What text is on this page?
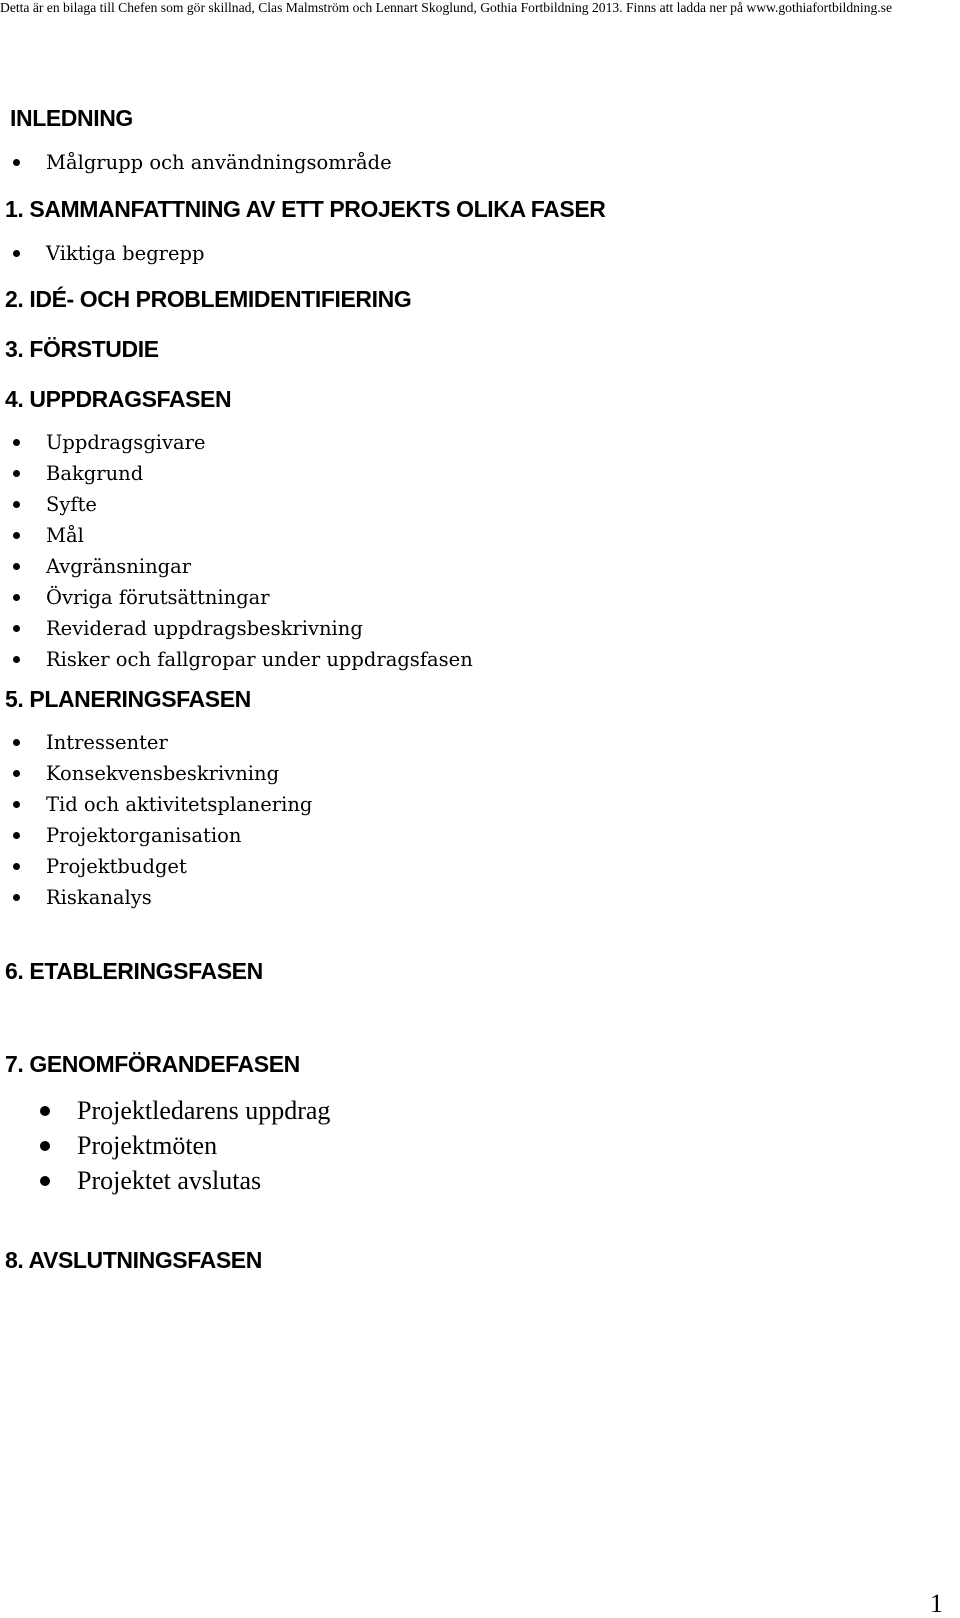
Detta är en bilaga till Chefen som gör skillnad, Clas Malmström och Lennart Skoglund, Gothia Fortbildning 2013. Finns att ladda ner på www.gothiafortbildning.se
INLEDNING
Målgrupp och användningsområde
1. SAMMANFATTNING AV ETT PROJEKTS OLIKA FASER
Viktiga begrepp
2. IDÉ- OCH PROBLEMIDENTIFIERING
3. FÖRSTUDIE
4. UPPDRAGSFASEN
Uppdragsgivare
Bakgrund
Syfte
Mål
Avgränsningar
Övriga förutsättningar
Reviderad uppdragsbeskrivning
Risker och fallgropar under uppdragsfasen
5. PLANERINGSFASEN
Intressenter
Konsekvensbeskrivning
Tid och aktivitetsplanering
Projektorganisation
Projektbudget
Riskanalys
6. ETABLERINGSFASEN
7. GENOMFÖRANDEFASEN
Projektledarens uppdrag
Projektmöten
Projektet avslutas
8. AVSLUTNINGSFASEN
1
